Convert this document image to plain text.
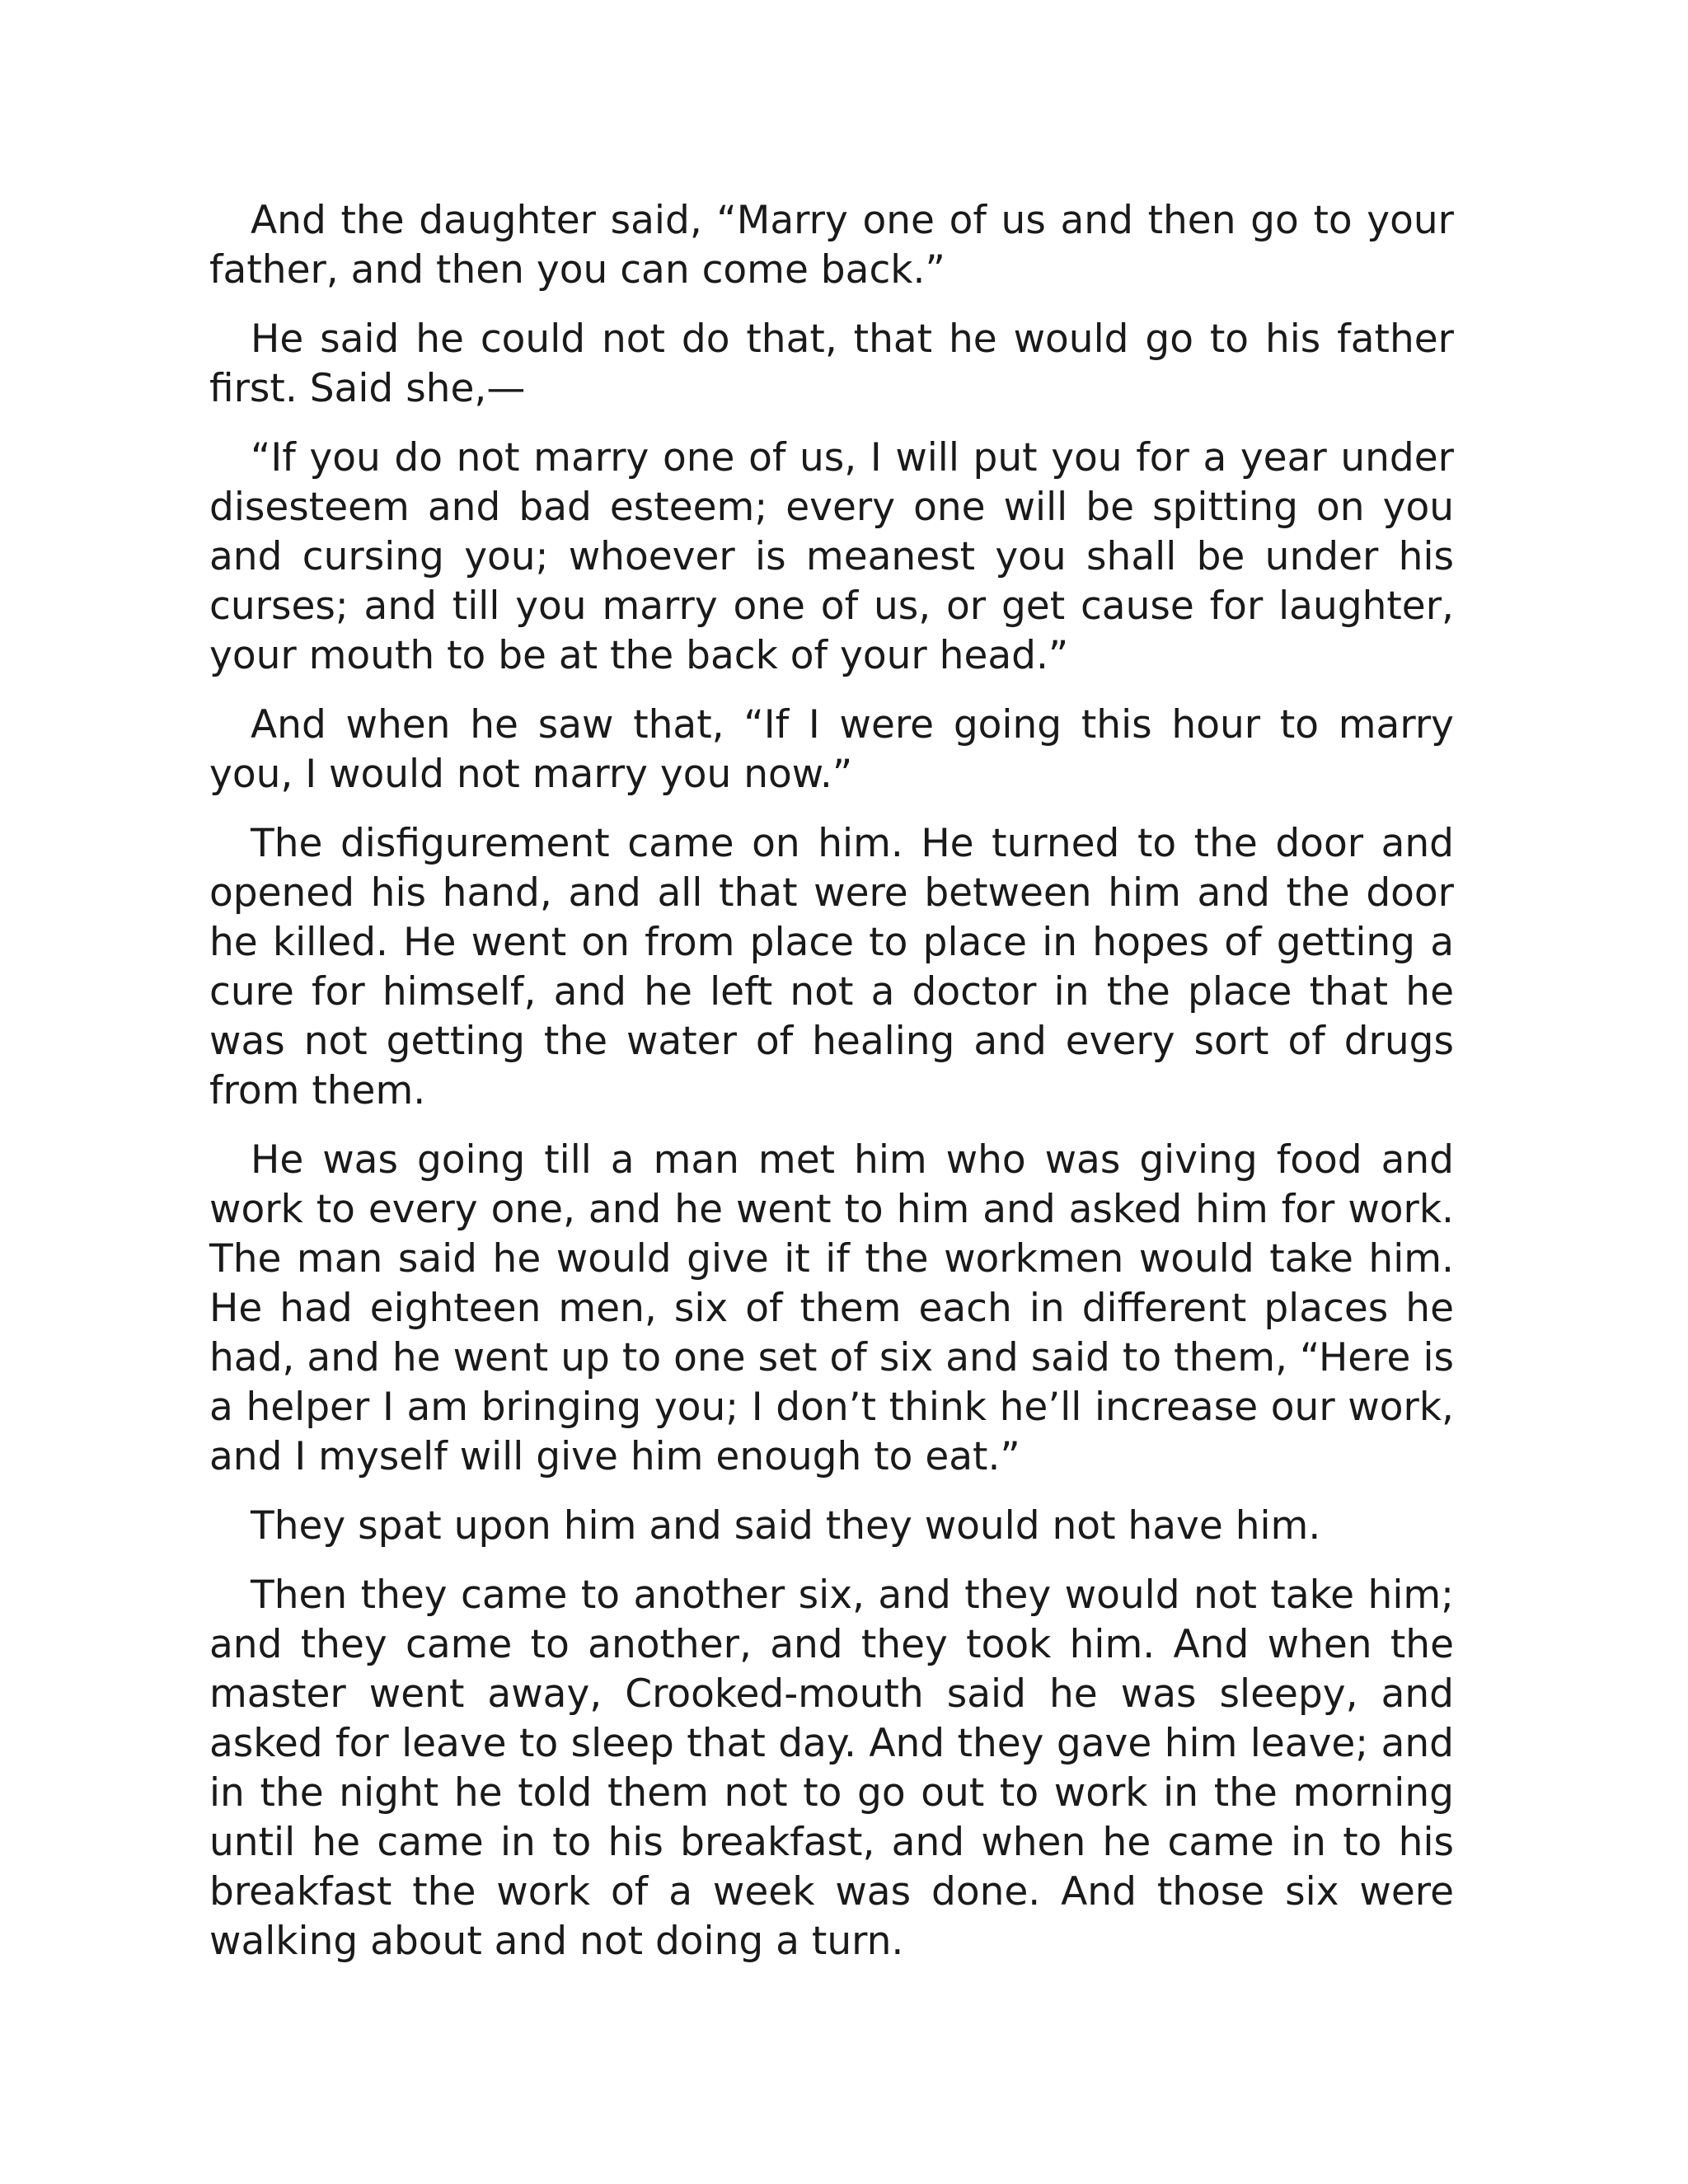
And the daughter said, “Marry one of us and then go to your father, and then you can come back.”

He said he could not do that, that he would go to his father first. Said she,—

“If you do not marry one of us, I will put you for a year under disesteem and bad esteem; every one will be spitting on you and cursing you; whoever is meanest you shall be under his curses; and till you marry one of us, or get cause for laughter, your mouth to be at the back of your head.”

And when he saw that, “If I were going this hour to marry you, I would not marry you now.”

The disfigurement came on him. He turned to the door and opened his hand, and all that were between him and the door he killed. He went on from place to place in hopes of getting a cure for himself, and he left not a doctor in the place that he was not getting the water of healing and every sort of drugs from them.

He was going till a man met him who was giving food and work to every one, and he went to him and asked him for work. The man said he would give it if the workmen would take him. He had eighteen men, six of them each in different places he had, and he went up to one set of six and said to them, “Here is a helper I am bringing you; I don’t think he’ll increase our work, and I myself will give him enough to eat.”

They spat upon him and said they would not have him.

Then they came to another six, and they would not take him; and they came to another, and they took him. And when the master went away, Crooked-mouth said he was sleepy, and asked for leave to sleep that day. And they gave him leave; and in the night he told them not to go out to work in the morning until he came in to his breakfast, and when he came in to his breakfast the work of a week was done. And those six were walking about and not doing a turn.
